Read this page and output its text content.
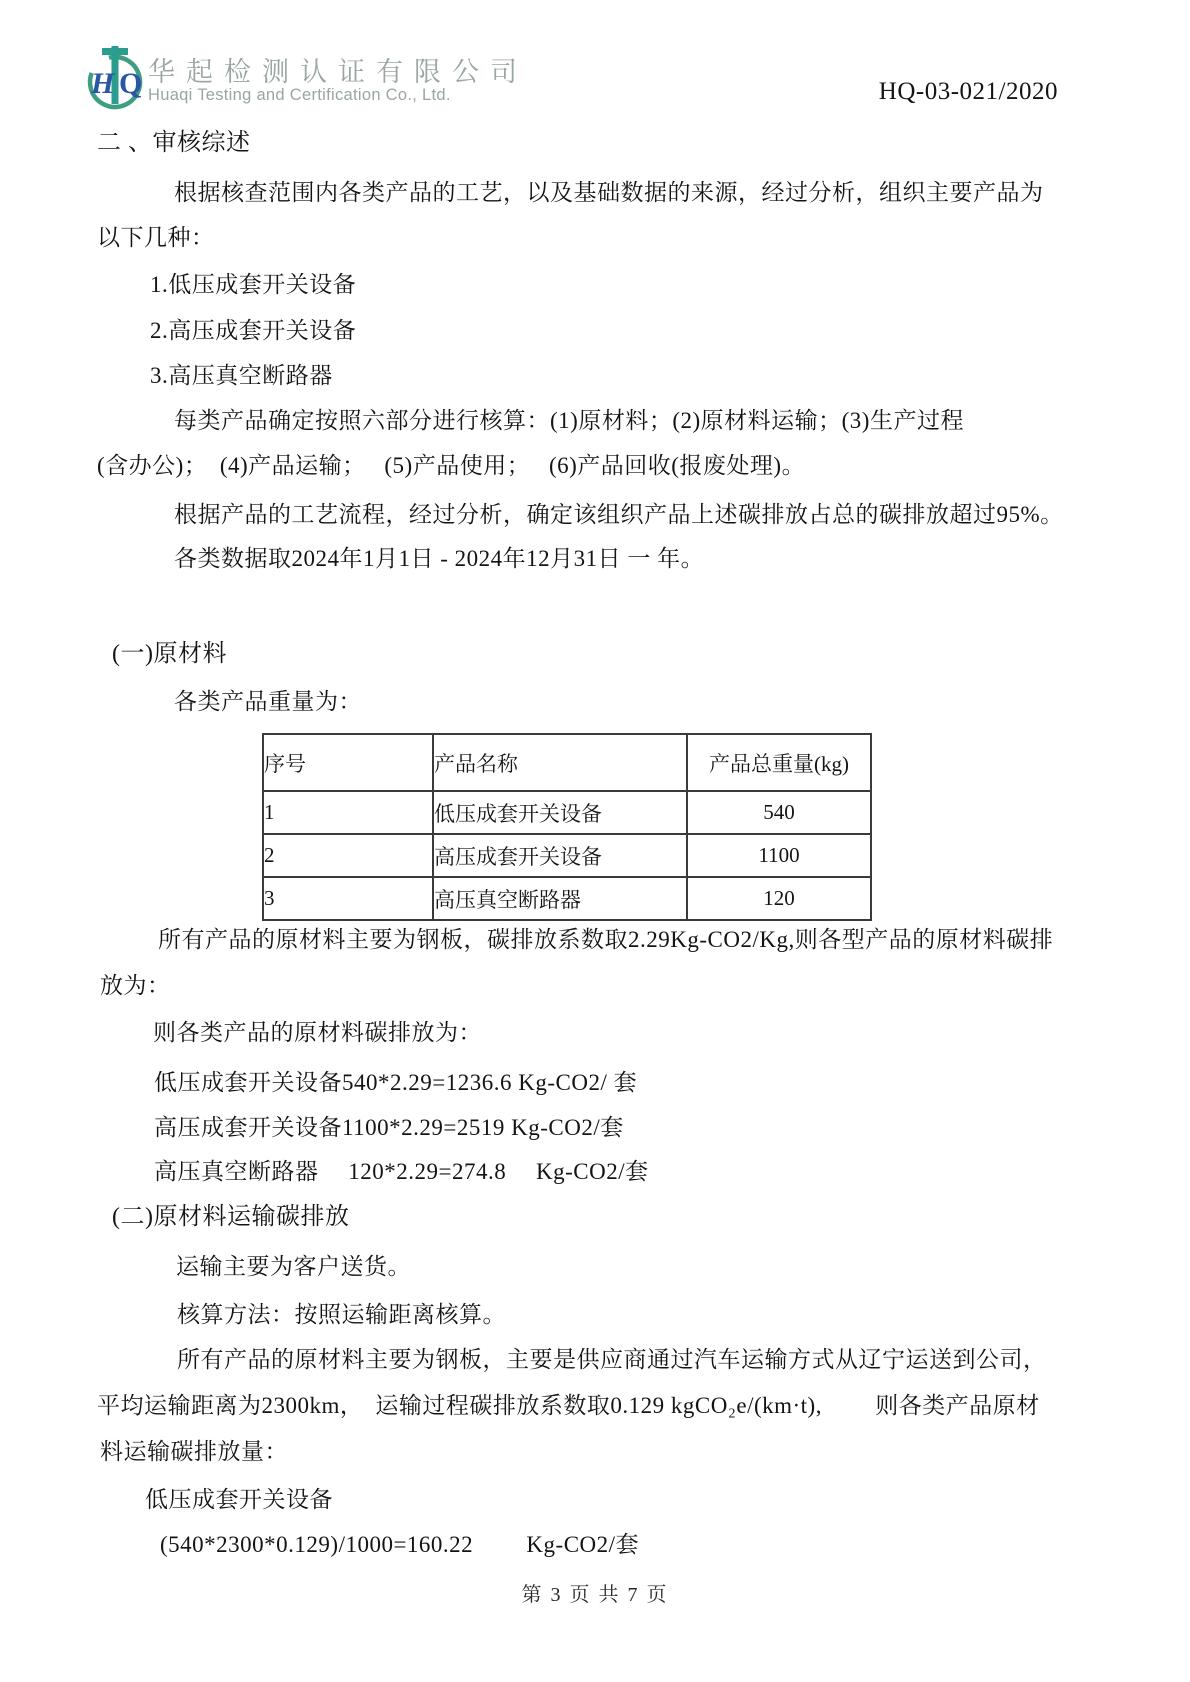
H Q 华起检测认证有限公司
Huaqi Testing and Certification Co., Ltd.	HQ-03-021/2020
二 、审核综述
根据核查范围内各类产品的工艺，以及基础数据的来源，经过分析，组织主要产品为
以下几种：
1.低压成套开关设备
2.高压成套开关设备
3.高压真空断路器
每类产品确定按照六部分进行核算：(1)原材料；(2)原材料运输；(3)生产过程
(含办公)；  (4)产品运输；   (5)产品使用；   (6)产品回收(报废处理)。
根据产品的工艺流程，经过分析，确定该组织产品上述碳排放占总的碳排放超过95%。
各类数据取2024年1月1日 - 2024年12月31日 一 年。
(一)原材料
各类产品重量为：
序号	产品名称	产品总重量(kg)
1	低压成套开关设备	540
2	高压成套开关设备	1100
3	高压真空断路器	120
所有产品的原材料主要为钢板，碳排放系数取2.29Kg-CO2/Kg,则各型产品的原材料碳排
放为：
则各类产品的原材料碳排放为：
低压成套开关设备540*2.29=1236.6 Kg-CO2/ 套
高压成套开关设备1100*2.29=2519 Kg-CO2/套
高压真空断路器　 120*2.29=274.8　 Kg-CO2/套
(二)原材料运输碳排放
运输主要为客户送货。
核算方法：按照运输距离核算。
所有产品的原材料主要为钢板，主要是供应商通过汽车运输方式从辽宁运送到公司，
平均运输距离为2300km，　运输过程碳排放系数取0.129 kgCO₂e/(km·t),　　 则各类产品原材
料运输碳排放量：
低压成套开关设备
(540*2300*0.129)/1000=160.22　　 Kg-CO2/套
第 3 页 共 7 页
